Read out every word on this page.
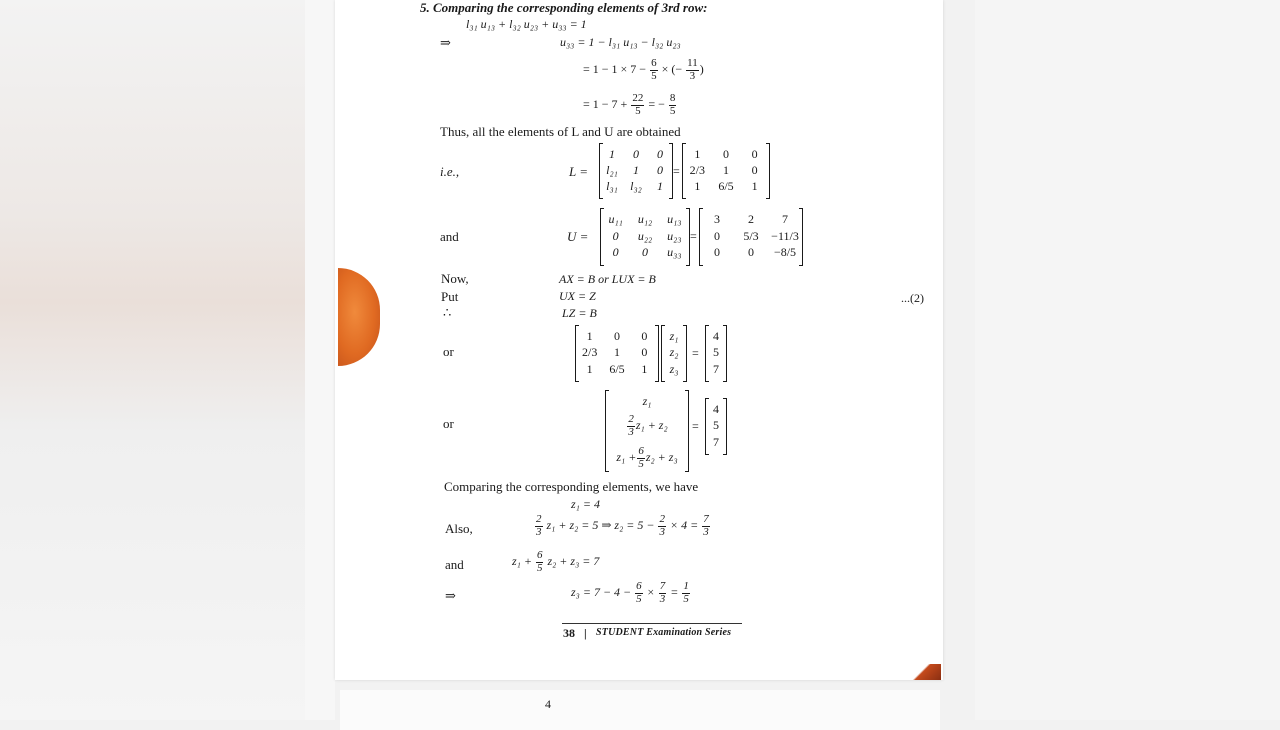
4
5. Comparing the corresponding elements of 3rd row:
l₃₁ u₁₃ + l₃₂ u₂₃ + u₃₃ = 1
⇒	u₃₃ = 1 − l₃₁ u₁₃ − l₃₂ u₂₃
= $1 - 1 \times 7 - \frac{6}{5}$ × (− $\frac{11}{3}$ )
= $1 - 7 + \frac{22}{5}$ = − $\frac{8}{5}$
Thus, all the elements of L and U are obtained
i.e.,	L =
1	0	0
l₂₁	1	0
l₃₁	l₃₂	1
=
1	0	0
2/3	1	0
1	6/5	1
and	U =
u₁₁	u₁₂	u₁₃
0	u₂₂	u₂₃
0	0	u₃₃
=
3	2	7
0	5/3	−11/3
0	0	−8/5
Now,	AX = B or LUX = B
Put	UX = Z	...(2)
∴	LZ = B
or
1	0	0
2/3	1	0
1	6/5	1
z₁
z₂
z₃
=
4
5
7
or
z₁
$\frac{2}{3} z_1 + z_2$
$z_1 + \frac{6}{5} z_2 + z_3$
=
4
5
7
Comparing the corresponding elements, we have
z₁ = 4
Also,	$\frac{2}{3} z_1 + z_2 = 5$ ⇒ $z_2 = 5 - \frac{2}{3} \times 4 = \frac{7}{3}$
and	$z_1 + \frac{6}{5} z_2 + z_3 = 7$
⇒	$z_3 = 7 - 4 - \frac{6}{5} \times \frac{7}{3} = \frac{1}{5}$
38 | STUDENT Examination Series
